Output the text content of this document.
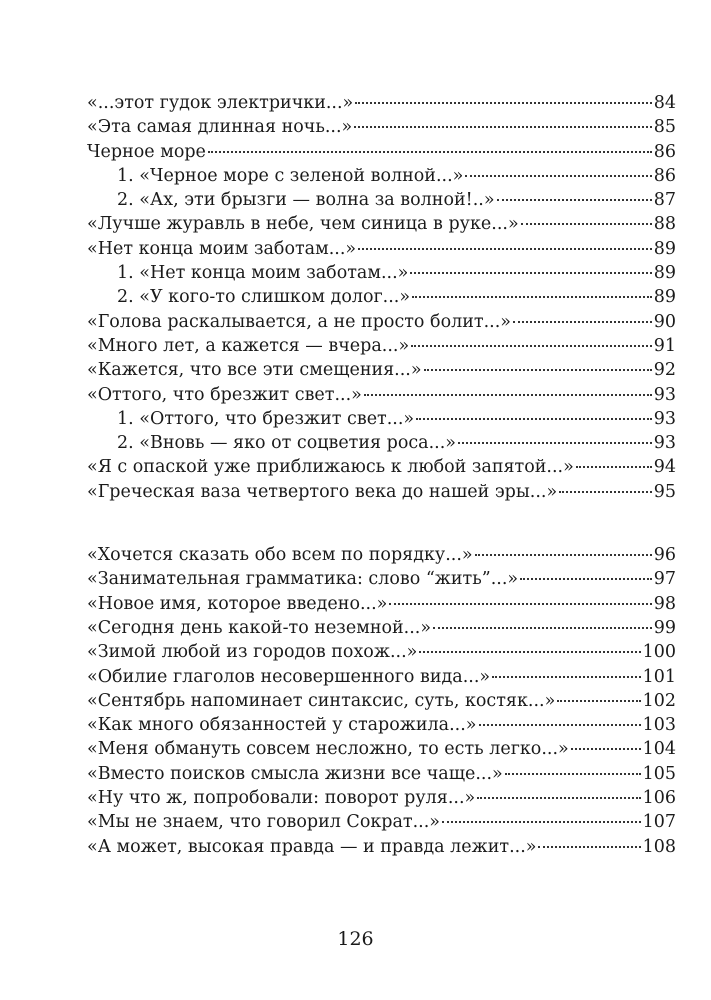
«...этот гудок электрички...»	84
«Эта самая длинная ночь...»	85
Черное море	86
1. «Черное море с зеленой волной...»	86
2. «Ах, эти брызги — волна за волной!..»	87
«Лучше журавль в небе, чем синица в руке...»	88
«Нет конца моим заботам...»	89
1. «Нет конца моим заботам...»	89
2. «У кого-то слишком долог...»	89
«Голова раскалывается, а не просто болит...»	90
«Много лет, а кажется — вчера...»	91
«Кажется, что все эти смещения...»	92
«Оттого, что брезжит свет...»	93
1. «Оттого, что брезжит свет...»	93
2. «Вновь — яко от соцветия роса...»	93
«Я с опаской уже приближаюсь к любой запятой...»	94
«Греческая ваза четвертого века до нашей эры...»	95
«Хочется сказать обо всем по порядку...»	96
«Занимательная грамматика: слово “жить”...»	97
«Новое имя, которое введено...»	98
«Сегодня день какой-то неземной...»	99
«Зимой любой из городов похож...»	100
«Обилие глаголов несовершенного вида...»	101
«Сентябрь напоминает синтаксис, суть, костяк...»	102
«Как много обязанностей у старожила...»	103
«Меня обмануть совсем несложно, то есть легко...»	104
«Вместо поисков смысла жизни все чаще...»	105
«Ну что ж, попробовали: поворот руля...»	106
«Мы не знаем, что говорил Сократ...»	107
«А может, высокая правда — и правда лежит...»	108
126
